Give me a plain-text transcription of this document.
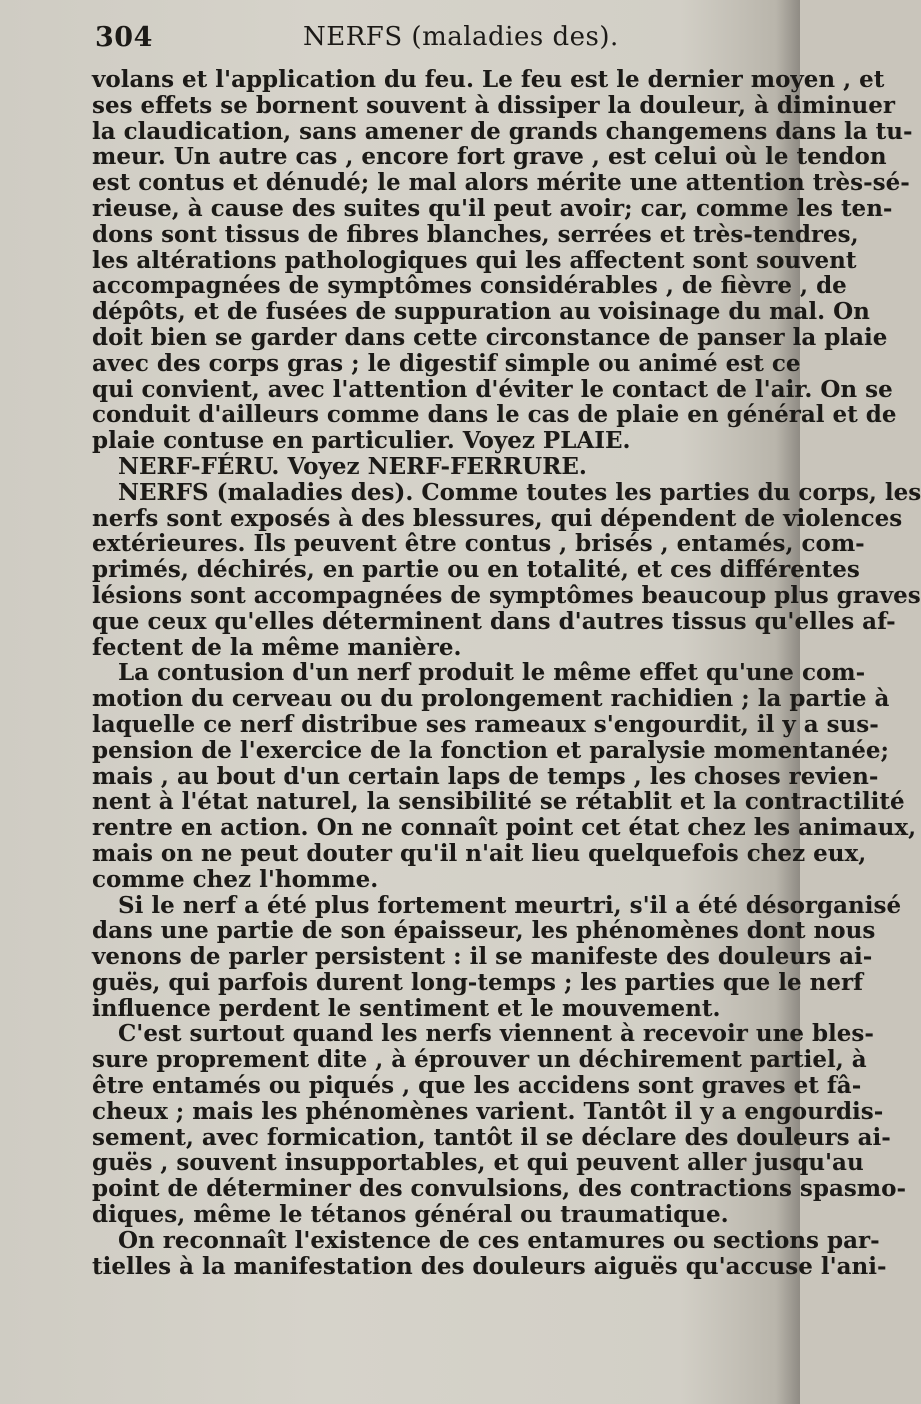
304	NERFS (maladies des).
volans et l'application du feu. Le feu est le dernier moyen , et
ses effets se bornent souvent à dissiper la douleur, à diminuer
la claudication, sans amener de grands changemens dans la tu-
meur. Un autre cas , encore fort grave , est celui où le tendon
est contus et dénudé; le mal alors mérite une attention très-sé-
rieuse, à cause des suites qu'il peut avoir; car, comme les ten-
dons sont tissus de fibres blanches, serrées et très-tendres,
les altérations pathologiques qui les affectent sont souvent
accompagnées de symptômes considérables , de fièvre , de
dépôts, et de fusées de suppuration au voisinage du mal. On
doit bien se garder dans cette circonstance de panser la plaie
avec des corps gras ; le digestif simple ou animé est ce
qui convient, avec l'attention d'éviter le contact de l'air. On se
conduit d'ailleurs comme dans le cas de plaie en général et de
plaie contuse en particulier. Voyez PLAIE.
NERF-FÉRU. Voyez NERF-FERRURE.
NERFS (maladies des). Comme toutes les parties du corps, les
nerfs sont exposés à des blessures, qui dépendent de violences
extérieures. Ils peuvent être contus , brisés , entamés, com-
primés, déchirés, en partie ou en totalité, et ces différentes
lésions sont accompagnées de symptômes beaucoup plus graves
que ceux qu'elles déterminent dans d'autres tissus qu'elles af-
fectent de la même manière.
La contusion d'un nerf produit le même effet qu'une com-
motion du cerveau ou du prolongement rachidien ; la partie à
laquelle ce nerf distribue ses rameaux s'engourdit, il y a sus-
pension de l'exercice de la fonction et paralysie momentanée;
mais , au bout d'un certain laps de temps , les choses revien-
nent à l'état naturel, la sensibilité se rétablit et la contractilité
rentre en action. On ne connaît point cet état chez les animaux,
mais on ne peut douter qu'il n'ait lieu quelquefois chez eux,
comme chez l'homme.
Si le nerf a été plus fortement meurtri, s'il a été désorganisé
dans une partie de son épaisseur, les phénomènes dont nous
venons de parler persistent : il se manifeste des douleurs ai-
guës, qui parfois durent long-temps ; les parties que le nerf
influence perdent le sentiment et le mouvement.
C'est surtout quand les nerfs viennent à recevoir une bles-
sure proprement dite , à éprouver un déchirement partiel, à
être entamés ou piqués , que les accidens sont graves et fâ-
cheux ; mais les phénomènes varient. Tantôt il y a engourdis-
sement, avec formication, tantôt il se déclare des douleurs ai-
guës , souvent insupportables, et qui peuvent aller jusqu'au
point de déterminer des convulsions, des contractions spasmo-
diques, même le tétanos général ou traumatique.
On reconnaît l'existence de ces entamures ou sections par-
tielles à la manifestation des douleurs aiguës qu'accuse l'ani-
